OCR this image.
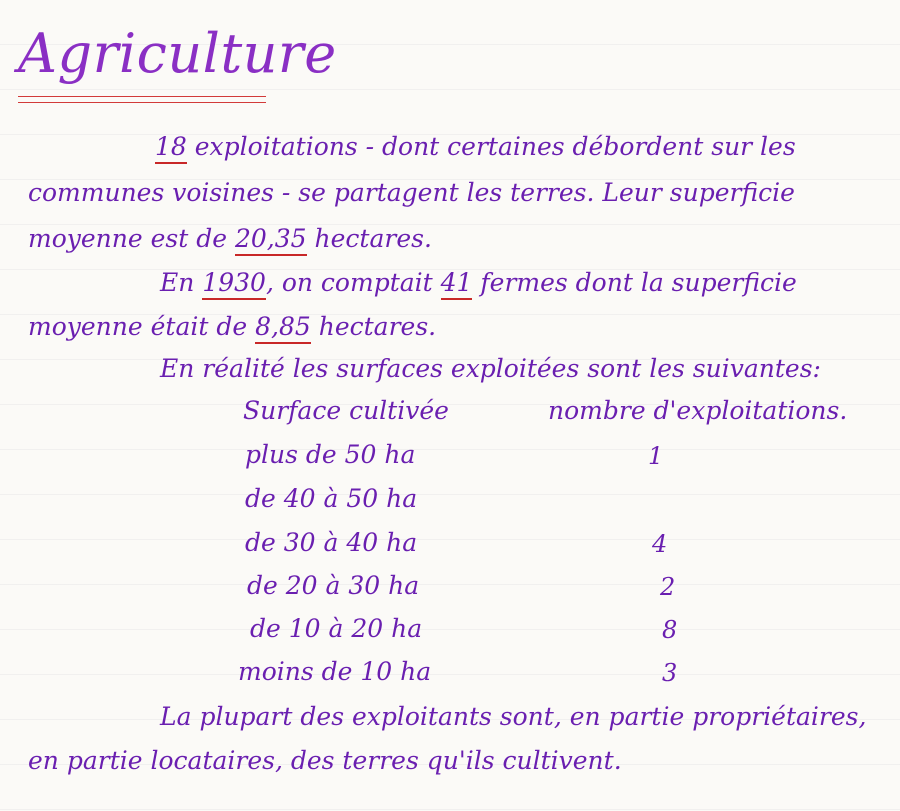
Agriculture
18 exploitations - dont certaines débordent sur les
communes voisines - se partagent les terres. Leur superficie
moyenne est de 20,35 hectares.
En 1930, on comptait 41 fermes dont la superficie
moyenne était de 8,85 hectares.
En réalité les surfaces exploitées sont les suivantes:
Surface cultivée	nombre d'exploitations.
plus de 50 ha	1
de 40 à 50 ha
de 30 à 40 ha	4
de 20 à 30 ha	2
de 10 à 20 ha	8
moins de 10 ha	3
La plupart des exploitants sont, en partie propriétaires,
en partie locataires, des terres qu'ils cultivent.
